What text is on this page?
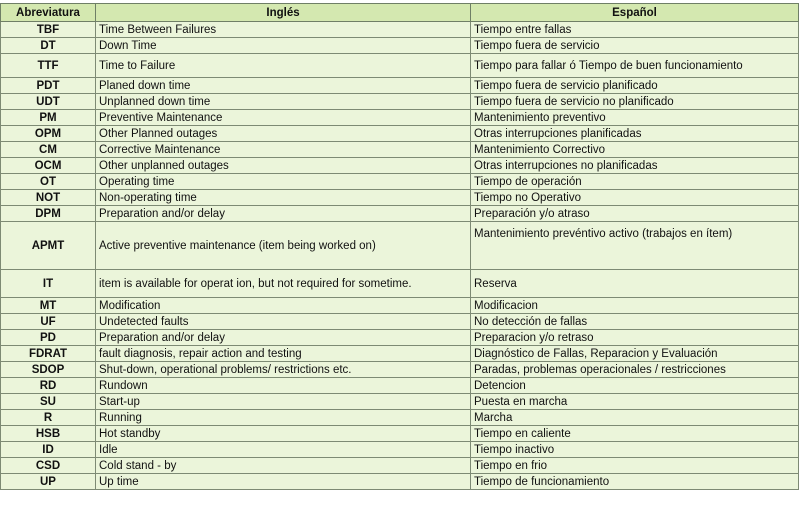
Abreviatura	Inglés	Español
TBF	Time Between Failures	Tiempo entre fallas
DT	Down Time	Tiempo fuera de servicio
TTF	Time to Failure	Tiempo para fallar ó Tiempo de buen funcionamiento
PDT	Planed down time	Tiempo fuera de servicio planificado
UDT	Unplanned down time	Tiempo fuera de servicio no planificado
PM	Preventive Maintenance	Mantenimiento preventivo
OPM	Other Planned outages	Otras interrupciones planificadas
CM	Corrective Maintenance	Mantenimiento Correctivo
OCM	Other unplanned outages	Otras interrupciones no planificadas
OT	Operating time	Tiempo de operación
NOT	Non-operating time	Tiempo no Operativo
DPM	Preparation and/or delay	Preparación y/o atraso
APMT	Active preventive maintenance (item being worked on)	Mantenimiento prevéntivo activo (trabajos en ítem)
IT	item is available for operat ion, but not required for sometime.	Reserva
MT	Modification	Modificacion
UF	Undetected faults	No detección de fallas
PD	Preparation and/or delay	Preparacion y/o retraso
FDRAT	fault diagnosis, repair action and testing	Diagnóstico de Fallas, Reparacion y Evaluación
SDOP	Shut-down, operational problems/ restrictions etc.	Paradas, problemas operacionales / restricciones
RD	Rundown	Detencion
SU	Start-up	Puesta en marcha
R	Running	Marcha
HSB	Hot standby	Tiempo en caliente
ID	Idle	Tiempo inactivo
CSD	Cold stand - by	Tiempo en frio
UP	Up time	Tiempo de funcionamiento
